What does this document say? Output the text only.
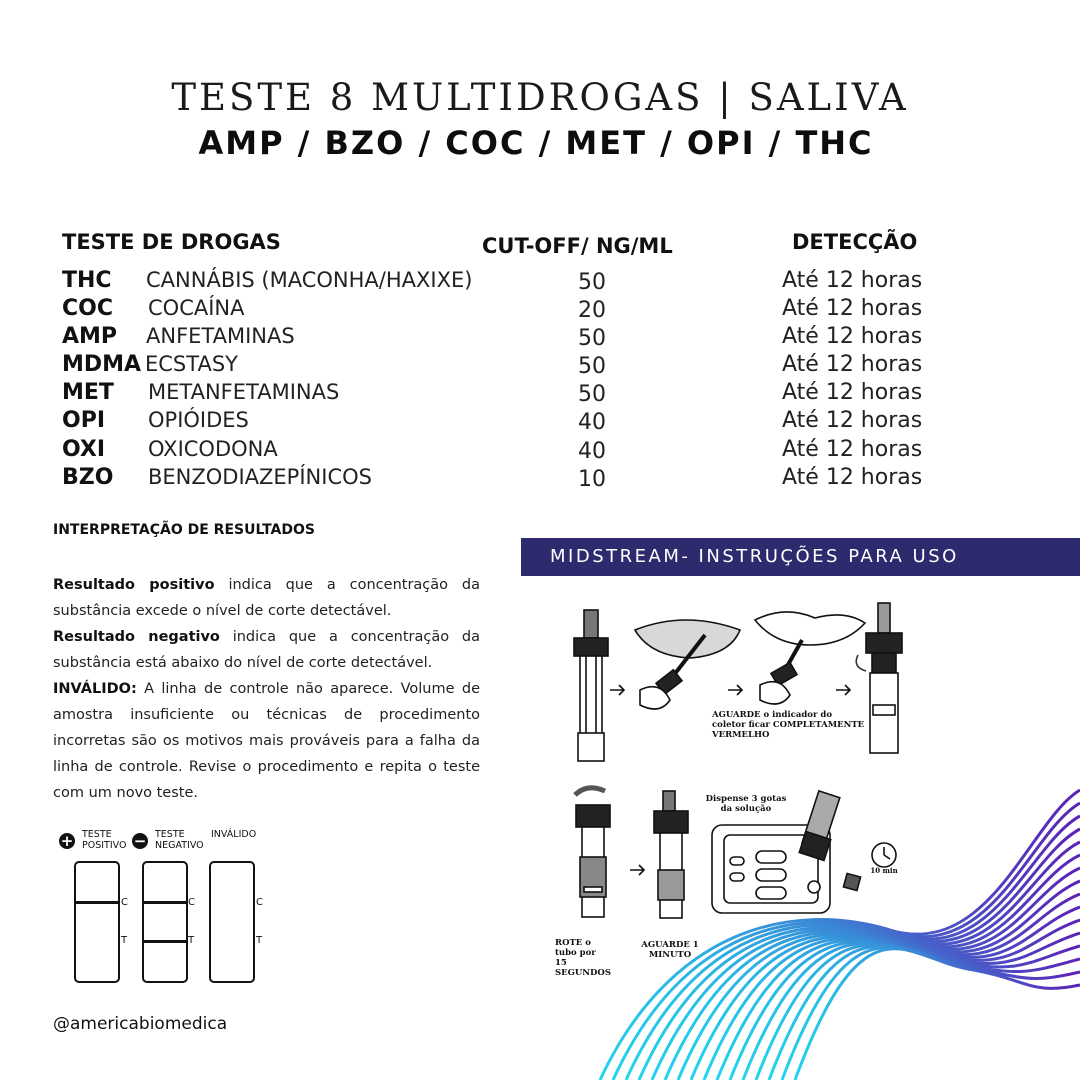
TESTE 8 MULTIDROGAS | SALIVA
AMP / BZO / COC / MET / OPI / THC
TESTE DE DROGAS	CUT-OFF/ NG/ML	DETECÇÃO
THC CANNÁBIS (MACONHA/HAXIXE)	50	Até 12 horas
COC COCAÍNA	20	Até 12 horas
AMP ANFETAMINAS	50	Até 12 horas
MDMA ECSTASY	50	Até 12 horas
MET METANFETAMINAS	50	Até 12 horas
OPI OPIÓIDES	40	Até 12 horas
OXI OXICODONA	40	Até 12 horas
BZO BENZODIAZEPÍNICOS	10	Até 12 horas
INTERPRETAÇÃO DE RESULTADOS

Resultado positivo indica que a concentração da substância excede o nível de corte detectável.

Resultado negativo indica que a concentração da substância está abaixo do nível de corte detectável.

INVÁLIDO: A linha de controle não aparece. Volume de amostra insuficiente ou técnicas de procedimento incorretas são os motivos mais prováveis para a falha da linha de controle. Revise o procedimento e repita o teste com um novo teste.

+ TESTE
POSITIVO − TESTE
NEGATIVO
INVÁLIDO
C
T
C
T
C
T
@americabiomedica
MIDSTREAM- INSTRUÇÕES PARA USO
AGUARDE o indicador do coletor ficar COMPLETAMENTE VERMELHO
Dispense 3 gotas da solução
ROTE o tubo por 15 SEGUNDOS
AGUARDE 1 MINUTO
10 min
